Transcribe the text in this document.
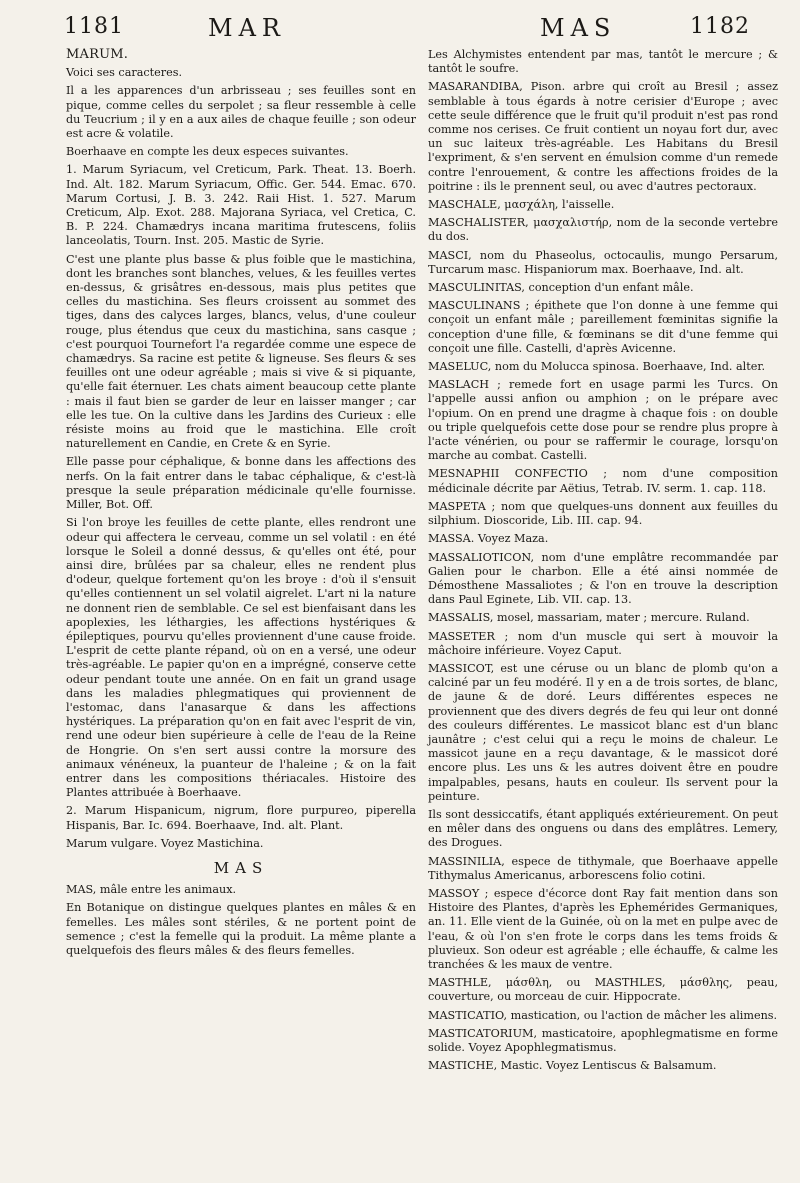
1181	MAR	MAS	1182

MARUM.

Voici ses caracteres.

Il a les apparences d'un arbrisseau ; ses feuilles sont en pique, comme celles du serpolet ; sa fleur ressemble à celle du Teucrium ; il y en a aux ailes de chaque feuille ; son odeur est acre & volatile.

Boerhaave en compte les deux especes suivantes.

1. Marum Syriacum, vel Creticum, Park. Theat. 13. Boerh. Ind. Alt. 182. Marum Syriacum, Offic. Ger. 544. Emac. 670. Marum Cortusi, J. B. 3. 242. Raii Hist. 1. 527. Marum Creticum, Alp. Exot. 288. Majorana Syriaca, vel Cretica, C. B. P. 224. Chamædrys incana maritima frutescens, foliis lanceolatis, Tourn. Inst. 205. Mastic de Syrie.

C'est une plante plus basse & plus foible que le mastichina, dont les branches sont blanches, velues, & les feuilles vertes en-dessus, & grisâtres en-dessous, mais plus petites que celles du mastichina. Ses fleurs croissent au sommet des tiges, dans des calyces larges, blancs, velus, d'une couleur rouge, plus étendus que ceux du mastichina, sans casque ; c'est pourquoi Tournefort l'a regardée comme une espece de chamædrys. Sa racine est petite & ligneuse. Ses fleurs & ses feuilles ont une odeur agréable ; mais si vive & si piquante, qu'elle fait éternuer. Les chats aiment beaucoup cette plante : mais il faut bien se garder de leur en laisser manger ; car elle les tue. On la cultive dans les Jardins des Curieux : elle résiste moins au froid que le mastichina. Elle croît naturellement en Candie, en Crete & en Syrie.

Elle passe pour céphalique, & bonne dans les affections des nerfs. On la fait entrer dans le tabac céphalique, & c'est-là presque la seule préparation médicinale qu'elle fournisse. Miller, Bot. Off.

Si l'on broye les feuilles de cette plante, elles rendront une odeur qui affectera le cerveau, comme un sel volatil : en été lorsque le Soleil a donné dessus, & qu'elles ont été, pour ainsi dire, brûlées par sa chaleur, elles ne rendent plus d'odeur, quelque fortement qu'on les broye : d'où il s'ensuit qu'elles contiennent un sel volatil aigrelet. L'art ni la nature ne donnent rien de semblable. Ce sel est bienfaisant dans les apoplexies, les léthargies, les affections hystériques & épileptiques, pourvu qu'elles proviennent d'une cause froide. L'esprit de cette plante répand, où on en a versé, une odeur très-agréable. Le papier qu'on en a imprégné, conserve cette odeur pendant toute une année. On en fait un grand usage dans les maladies phlegmatiques qui proviennent de l'estomac, dans l'anasarque & dans les affections hystériques. La préparation qu'on en fait avec l'esprit de vin, rend une odeur bien supérieure à celle de l'eau de la Reine de Hongrie. On s'en sert aussi contre la morsure des animaux vénéneux, la puanteur de l'haleine ; & on la fait entrer dans les compositions thériacales. Histoire des Plantes attribuée à Boerhaave.

2. Marum Hispanicum, nigrum, flore purpureo, piperella Hispanis, Bar. Ic. 694. Boerhaave, Ind. alt. Plant.

Marum vulgare. Voyez Mastichina.

MAS

MAS, mâle entre les animaux.

En Botanique on distingue quelques plantes en mâles & en femelles. Les mâles sont stériles, & ne portent point de semence ; c'est la femelle qui la produit. La même plante a quelquefois des fleurs mâles & des fleurs femelles.

Les Alchymistes entendent par mas, tantôt le mercure ; & tantôt le soufre.

MASARANDIBA, Pison. arbre qui croît au Bresil ; assez semblable à tous égards à notre cerisier d'Europe ; avec cette seule différence que le fruit qu'il produit n'est pas rond comme nos cerises. Ce fruit contient un noyau fort dur, avec un suc laiteux très-agréable. Les Habitans du Bresil l'expriment, & s'en servent en émulsion comme d'un remede contre l'enrouement, & contre les affections froides de la poitrine : ils le prennent seul, ou avec d'autres pectoraux.

MASCHALE, μασχάλη, l'aisselle.

MASCHALISTER, μασχαλιστήρ, nom de la seconde vertebre du dos.

MASCI, nom du Phaseolus, octocaulis, mungo Persarum, Turcarum masc. Hispaniorum max. Boerhaave, Ind. alt.

MASCULINITAS, conception d'un enfant mâle.

MASCULINANS ; épithete que l'on donne à une femme qui conçoit un enfant mâle ; pareillement fœminitas signifie la conception d'une fille, & fœminans se dit d'une femme qui conçoit une fille. Castelli, d'après Avicenne.

MASELUC, nom du Molucca spinosa. Boerhaave, Ind. alter.

MASLACH ; remede fort en usage parmi les Turcs. On l'appelle aussi anfion ou amphion ; on le prépare avec l'opium. On en prend une dragme à chaque fois : on double ou triple quelquefois cette dose pour se rendre plus propre à l'acte vénérien, ou pour se raffermir le courage, lorsqu'on marche au combat. Castelli.

MESNAPHII CONFECTIO ; nom d'une composition médicinale décrite par Aëtius, Tetrab. IV. serm. 1. cap. 118.

MASPETA ; nom que quelques-uns donnent aux feuilles du silphium. Dioscoride, Lib. III. cap. 94.

MASSA. Voyez Maza.

MASSALIOTICON, nom d'une emplâtre recommandée par Galien pour le charbon. Elle a été ainsi nommée de Démosthene Massaliotes ; & l'on en trouve la description dans Paul Eginete, Lib. VII. cap. 13.

MASSALIS, mosel, massariam, mater ; mercure. Ruland.

MASSETER ; nom d'un muscle qui sert à mouvoir la mâchoire inférieure. Voyez Caput.

MASSICOT, est une céruse ou un blanc de plomb qu'on a calciné par un feu modéré. Il y en a de trois sortes, de blanc, de jaune & de doré. Leurs différentes especes ne proviennent que des divers degrés de feu qui leur ont donné des couleurs différentes. Le massicot blanc est d'un blanc jaunâtre ; c'est celui qui a reçu le moins de chaleur. Le massicot jaune en a reçu davantage, & le massicot doré encore plus. Les uns & les autres doivent être en poudre impalpables, pesans, hauts en couleur. Ils servent pour la peinture.

Ils sont dessiccatifs, étant appliqués extérieurement. On peut en mêler dans des onguens ou dans des emplâtres. Lemery, des Drogues.

MASSINILIA, espece de tithymale, que Boerhaave appelle Tithymalus Americanus, arborescens folio cotini.

MASSOY ; espece d'écorce dont Ray fait mention dans son Histoire des Plantes, d'après les Ephemérides Germaniques, an. 11. Elle vient de la Guinée, où on la met en pulpe avec de l'eau, & où l'on s'en frote le corps dans les tems froids & pluvieux. Son odeur est agréable ; elle échauffe, & calme les tranchées & les maux de ventre.

MASTHLE, μάσθλη, ou MASTHLES, μάσθλης, peau, couverture, ou morceau de cuir. Hippocrate.

MASTICATIO, mastication, ou l'action de mâcher les alimens.

MASTICATORIUM, masticatoire, apophlegmatisme en forme solide. Voyez Apophlegmatismus.

MASTICHE, Mastic. Voyez Lentiscus & Balsamum.
